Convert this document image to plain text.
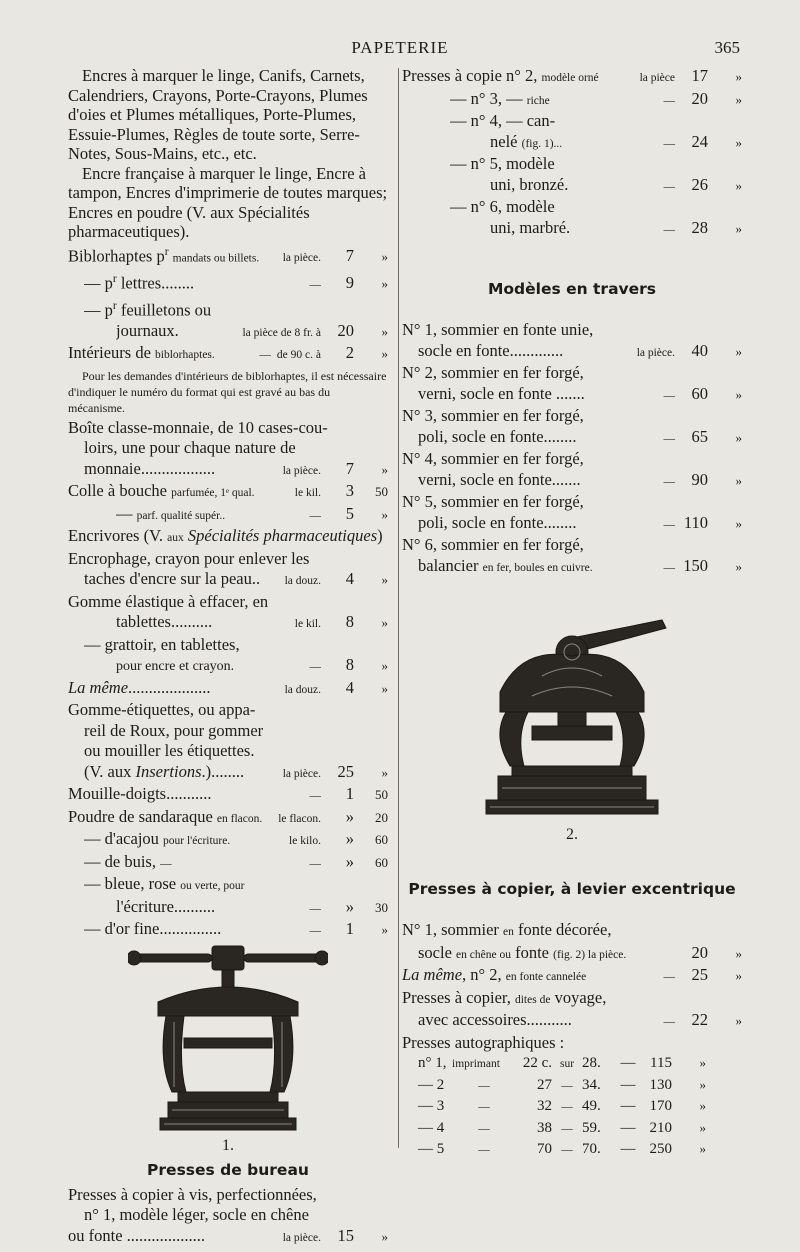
PAPETERIE	365

Encres à marquer le linge, Canifs, Carnets, Calendriers, Crayons, Porte-Crayons, Plumes d'oies et Plumes métalliques, Porte-Plumes, Essuie-Plumes, Règles de toute sorte, Serre-Notes, Sous-Mains, etc., etc.

Encre française à marquer le linge, Encre à tampon, Encres d'imprimerie de toutes marques; Encres en poudre (V. aux Spécialités pharmaceutiques).

Biblorhaptes $p^r$ mandats ou billets.	la pièce.	7	»
— $p^r$ lettres........	—	9	»
— $p^r$ feuilletons ou
journaux.	la pièce de 8 fr. à	20	»
Intérieurs de biblorhaptes.	— de 90 c. à	2	»

Pour les demandes d'intérieurs de biblorhaptes, il est nécessaire d'indiquer le numéro du format qui est gravé au bas du mécanisme.

Boîte classe-monnaie, de 10 cases-cou-
loirs, une pour chaque nature de
monnaie..................	la pièce.	7	»
Colle à bouche parfumée, 1ᵉ qual.	le kil.	3	50
— parf. qualité supér..	—	5	»
Encrivores (V. aux Spécialités pharmaceutiques)
Encrophage, crayon pour enlever les
taches d'encre sur la peau..	la douz.	4	»
Gomme élastique à effacer, en
tablettes..........	le kil.	8	»
— grattoir, en tablettes,
pour encre et crayon.	—	8	»
La même....................	la douz.	4	»
Gomme-étiquettes, ou appa-
reil de Roux, pour gommer
ou mouiller les étiquettes.
(V. aux Insertions.)........	la pièce.	25	»
Mouille-doigts...........	—	1	50
Poudre de sandaraque en flacon.	le flacon.	»	20
— d'acajou pour l'écriture.	le kilo.	»	60
— de buis, —	—	»	60
— bleue, rose ou verte, pour
l'écriture..........	—	»	30
— d'or fine...............	—	1	»
1.
Presses de bureau
Presses à copier à vis, perfectionnées,
n° 1, modèle léger, socle en chêne
ou fonte ...................	la pièce.	15	»
Presses à copie n° 2, modèle orné	la pièce	17	»
— n° 3, — riche	—	20	»
— n° 4, — can-
nelé (fig. 1)...	—	24	»
— n° 5, modèle
uni, bronzé.	—	26	»
— n° 6, modèle
uni, marbré.	—	28	»
Modèles en travers
N° 1, sommier en fonte unie,
socle en fonte.............	la pièce.	40	»
N° 2, sommier en fer forgé,
verni, socle en fonte .......	—	60	»
N° 3, sommier en fer forgé,
poli, socle en fonte........	—	65	»
N° 4, sommier en fer forgé,
verni, socle en fonte.......	—	90	»
N° 5, sommier en fer forgé,
poli, socle en fonte........	— 110	»
N° 6, sommier en fer forgé,
balancier en fer, boules en cuivre.	— 150	»
2.
Presses à copier, à levier excentrique
N° 1, sommier en fonte décorée,
socle en chêne ou fonte (fig. 2) la pièce.	20	»
La même, n° 2, en fonte cannelée	—	25	»
Presses à copier, dites de voyage,
avec accessoires...........	—	22	»
Presses autographiques :
n° 1, imprimant	22 c. sur 28.	— 115	»
— 2	—	27 — 34.	— 130	»
— 3	—	32 — 49.	— 170	»
— 4	—	38 — 59.	— 210	»
— 5	—	70 — 70.	— 250	»
